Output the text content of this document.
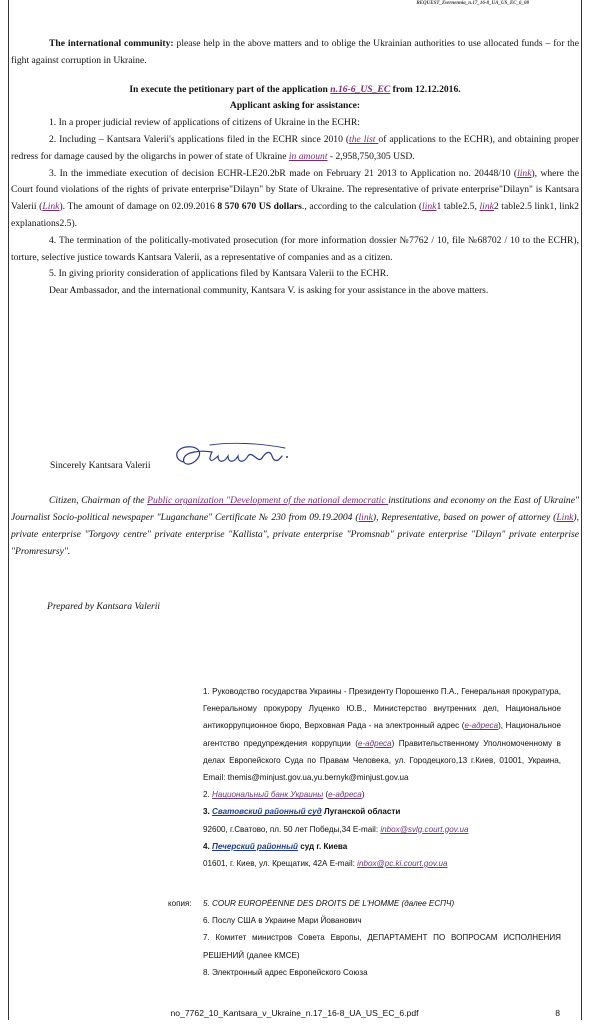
REQUEST_Zvernennia_n.17_16-8_UA_US_EC_6_08

The international community: please help in the above matters and to oblige the Ukrainian authorities to use allocated funds – for the fight against corruption in Ukraine.

In execute the petitionary part of the application n.16-6_US_EC from 12.12.2016.

Applicant asking for assistance:

1. In a proper judicial review of applications of citizens of Ukraine in the ECHR:

2. Including – Kantsara Valerii's applications filed in the ECHR since 2010 (the list of applications to the ECHR), and obtaining proper redress for damage caused by the oligarchs in power of state of Ukraine in amount - 2,958,750,305 USD.

3. In the immediate execution of decision ECHR-LE20.2bR made on February 21 2013 to Application no. 20448/10 (link), where the Court found violations of the rights of private enterprise"Dilayn" by State of Ukraine. The representative of private enterprise"Dilayn" is Kantsara Valerii (Link). The amount of damage on 02.09.2016 8 570 670 US dollars., according to the calculation (link1 table2.5, link2 table2.5 link1, link2 explanations2.5).

4. The termination of the politically-motivated prosecution (for more information dossier №7762 / 10, file №68702 / 10 to the ECHR), torture, selective justice towards Kantsara Valerii, as a representative of companies and as a citizen.

5. In giving priority consideration of applications filed by Kantsara Valerii to the ECHR.

Dear Ambassador, and the international community, Kantsara V. is asking for your assistance in the above matters.

Sincerely Kantsara Valerii
Citizen, Chairman of the Public organization "Development of the national democratic institutions and economy on the East of Ukraine" Journalist Socio-political newspaper "Luganchane" Certificate № 230 from 09.19.2004 (link), Representative, based on power of attorney (Link), private enterprise "Torgovy centre" private enterprise "Kallista", private enterprise "Promsnab" private enterprise "Dilayn" private enterprise "Promresursy".
Prepared by Kantsara Valerii

1. Руководство государства Украины - Президенту Порошенко П.А., Генеральная прокуратура, Генеральному прокурору Луценко Ю.В., Министерство внутренних дел, Национальное антикоррупционное бюро, Верховная Рада - на электронный адрес (e-адреса), Национальное агентство предупреждения коррупции (e-адреса) Правительственному Уполномоченному в делах Европейского Суда по Правам Человека, ул. Городецкого,13 г.Киев, 01001, Украина, Email: themis@minjust.gov.ua,yu.bernyk@minjust.gov.ua

2. Национальный банк Украины (e-адреса)

3. Сватовский районный суд Луганской области

92600, г.Сватово, пл. 50 лет Победы,34 E-mail: inbox@svlg.court.gov.ua

4. Печерский районный суд г. Киева

01601, г. Киев, ул. Крещатик, 42А E-mail: inbox@pc.ki.court.gov.ua

копия:	5. COUR EUROPÉENNE DES DROITS DE L'HOMME (далее ЕСПЧ)

6. Послу США в Украине Мари Йованович

7. Комитет министров Совета Европы, ДЕПАРТАМЕНТ ПО ВОПРОСАМ ИСПОЛНЕНИЯ РЕШЕНИЙ (далее КМСЕ)

8. Электронный адрес Европейского Союза

no_7762_10_Kantsara_v_Ukraine_n.17_16-8_UA_US_EC_6.pdf	8
